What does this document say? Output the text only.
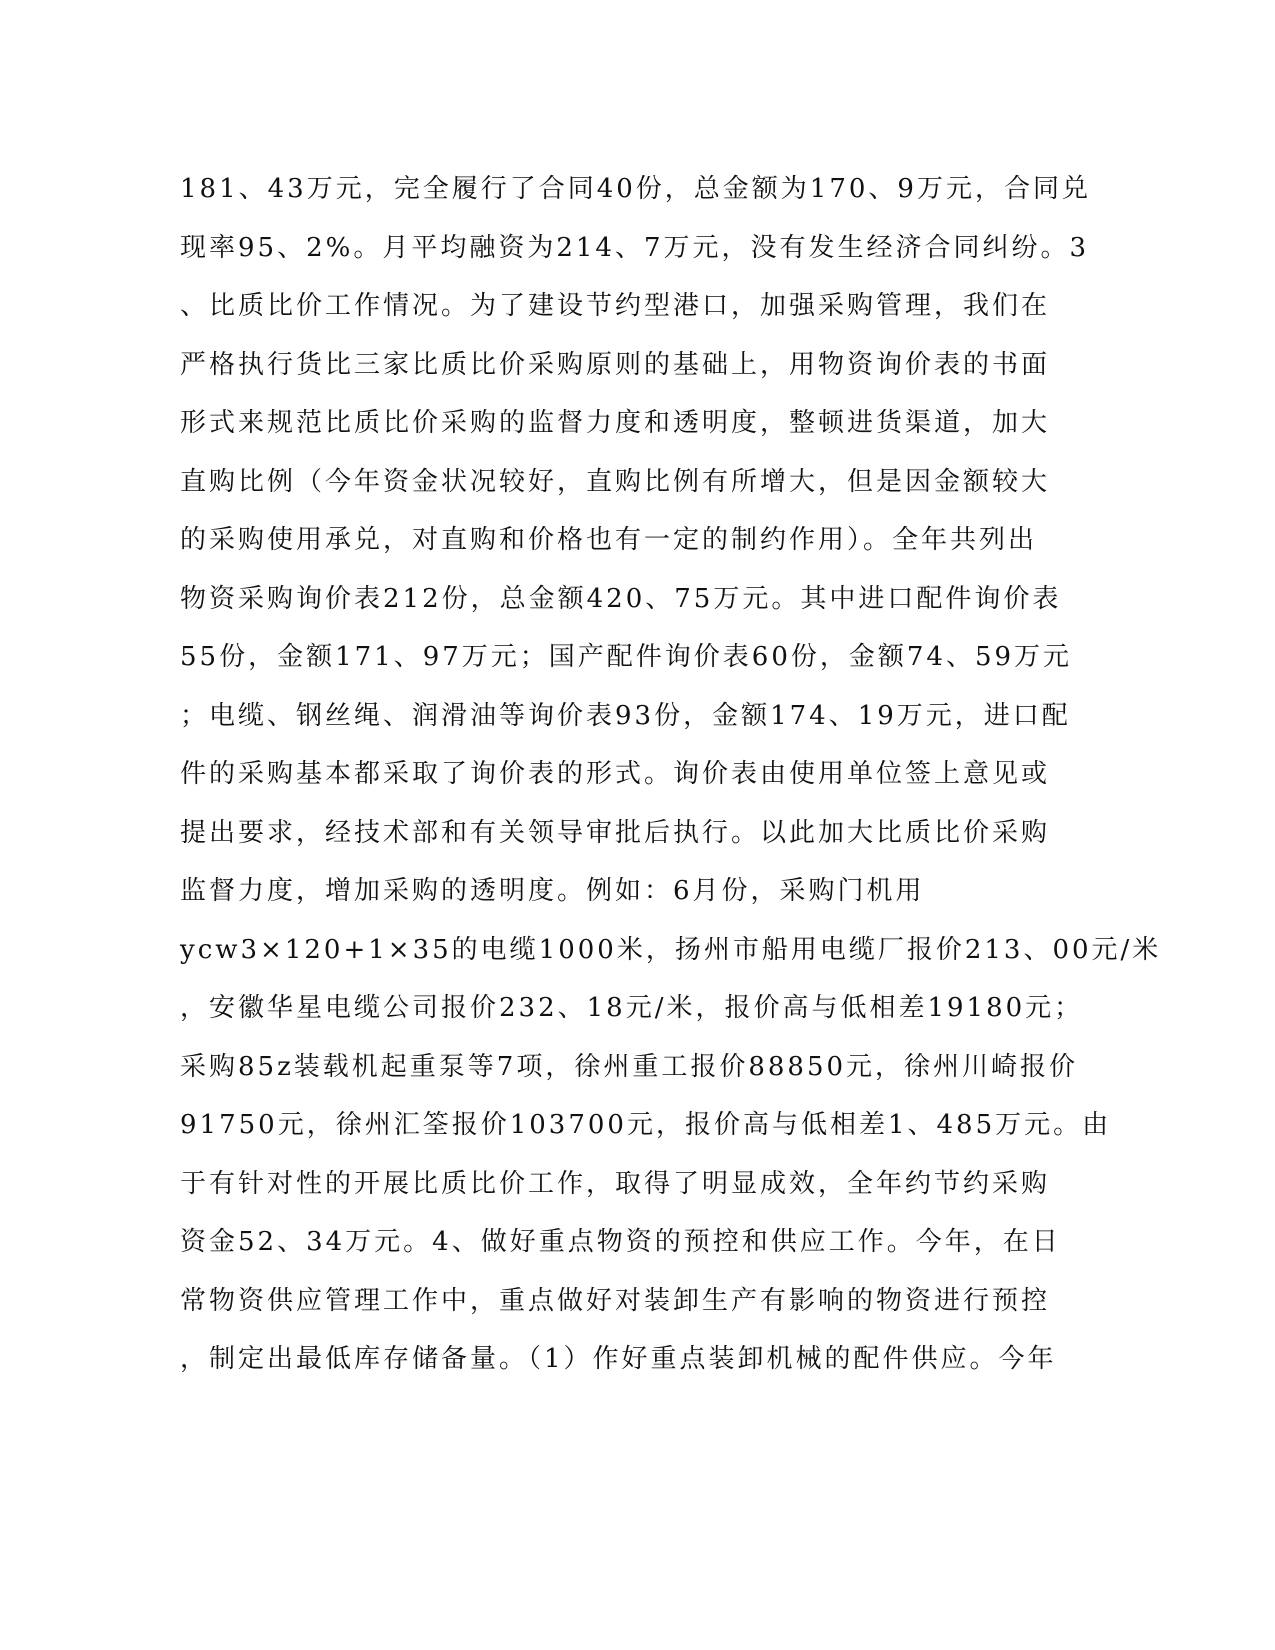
181、43万元，完全履行了合同40份，总金额为170、9万元，合同兑
现率95、2%。月平均融资为214、7万元，没有发生经济合同纠纷。3
、比质比价工作情况。为了建设节约型港口，加强采购管理，我们在
严格执行货比三家比质比价采购原则的基础上，用物资询价表的书面
形式来规范比质比价采购的监督力度和透明度，整顿进货渠道，加大
直购比例（今年资金状况较好，直购比例有所增大，但是因金额较大
的采购使用承兑，对直购和价格也有一定的制约作用）。全年共列出
物资采购询价表212份，总金额420、75万元。其中进口配件询价表
55份，金额171、97万元；国产配件询价表60份，金额74、59万元
；电缆、钢丝绳、润滑油等询价表93份，金额174、19万元，进口配
件的采购基本都采取了询价表的形式。询价表由使用单位签上意见或
提出要求，经技术部和有关领导审批后执行。以此加大比质比价采购
监督力度，增加采购的透明度。例如：6月份，采购门机用
ycw3×120+1×35的电缆1000米，扬州市船用电缆厂报价213、00元/米
，安徽华星电缆公司报价232、18元/米，报价高与低相差19180元；
采购85z装载机起重泵等7项，徐州重工报价88850元，徐州川崎报价
91750元，徐州汇筌报价103700元，报价高与低相差1、485万元。由
于有针对性的开展比质比价工作，取得了明显成效，全年约节约采购
资金52、34万元。4、做好重点物资的预控和供应工作。今年，在日
常物资供应管理工作中，重点做好对装卸生产有影响的物资进行预控
，制定出最低库存储备量。（1）作好重点装卸机械的配件供应。今年
